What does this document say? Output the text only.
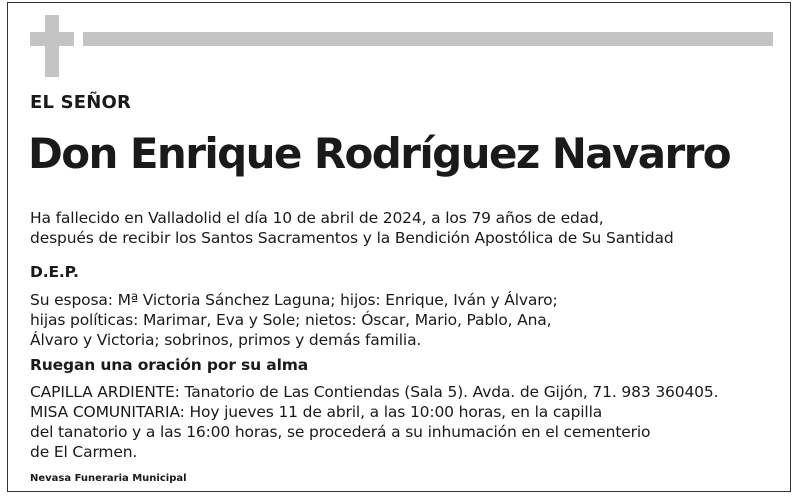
EL SEÑOR
Don Enrique Rodríguez Navarro
Ha fallecido en Valladolid el día 10 de abril de 2024, a los 79 años de edad,
después de recibir los Santos Sacramentos y la Bendición Apostólica de Su Santidad
D.E.P.
Su esposa: Mª Victoria Sánchez Laguna; hijos: Enrique, Iván y Álvaro;
hijas políticas: Marimar, Eva y Sole; nietos: Óscar, Mario, Pablo, Ana,
Álvaro y Victoria; sobrinos, primos y demás familia.
Ruegan una oración por su alma
CAPILLA ARDIENTE: Tanatorio de Las Contiendas (Sala 5). Avda. de Gijón, 71. 983 360405.
MISA COMUNITARIA: Hoy jueves 11 de abril, a las 10:00 horas, en la capilla
del tanatorio y a las 16:00 horas, se procederá a su inhumación en el cementerio
de El Carmen.
Nevasa Funeraria Municipal
